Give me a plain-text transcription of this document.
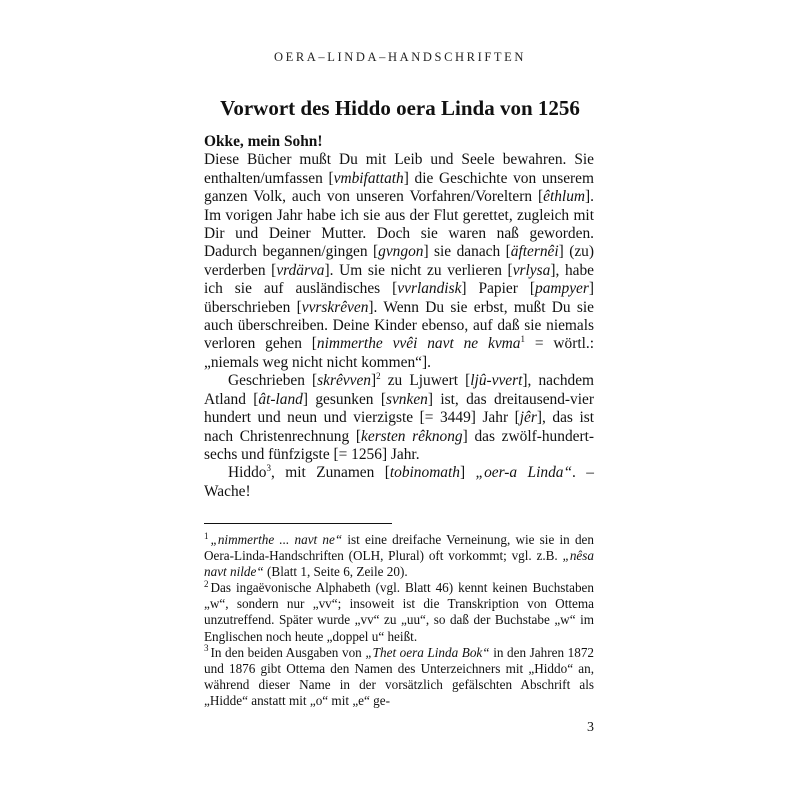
OERA–LINDA–HANDSCHRIFTEN
Vorwort des Hiddo oera Linda von 1256
Okke, mein Sohn!

Diese Bücher mußt Du mit Leib und Seele bewahren. Sie enthalten/umfassen [vmbifattath] die Geschichte von unserem ganzen Volk, auch von unseren Vorfahren/Voreltern [êthlum]. Im vorigen Jahr habe ich sie aus der Flut gerettet, zugleich mit Dir und Deiner Mutter. Doch sie waren naß geworden. Dadurch begannen/gingen [gvngon] sie danach [äfternêi] (zu) verderben [vrdärva]. Um sie nicht zu verlieren [vrlysa], habe ich sie auf ausländisches [vvrlandisk] Papier [pampyer] überschrieben [vvrskrêven]. Wenn Du sie erbst, mußt Du sie auch überschreiben. Deine Kinder ebenso, auf daß sie niemals verloren gehen [nimmerthe vvêi navt ne kvma$^1$ = wörtl.: „niemals weg nicht nicht kommen“].

Geschrieben [skrêvven]$^2$ zu Ljuwert [ljû-vvert], nachdem Atland [ât-land] gesunken [svnken] ist, das dreitausend-vier hundert und neun und vierzigste [= 3449] Jahr [jêr], das ist nach Christenrechnung [kersten rêknong] das zwölf-hundert-sechs und fünfzigste [= 1256] Jahr.

Hiddo$^3$, mit Zunamen [tobinomath] „oer-a Linda“. – Wache!

$^1$ „nimmerthe ... navt ne“ ist eine dreifache Verneinung, wie sie in den Oera-Linda-Handschriften (OLH, Plural) oft vorkommt; vgl. z.B. „nêsa navt nilde“ (Blatt 1, Seite 6, Zeile 20).

$^2$ Das ingaëvonische Alphabeth (vgl. Blatt 46) kennt keinen Buchstaben „w“, sondern nur „vv“; insoweit ist die Transkription von Ottema unzutreffend. Später wurde „vv“ zu „uu“, so daß der Buchstabe „w“ im Englischen noch heute „doppel u“ heißt.

$^3$ In den beiden Ausgaben von „Thet oera Linda Bok“ in den Jahren 1872 und 1876 gibt Ottema den Namen des Unterzeichners mit „Hiddo“ an, während dieser Name in der vorsätzlich gefälschten Abschrift als „Hidde“ anstatt mit „o“ mit „e“ ge-

3
